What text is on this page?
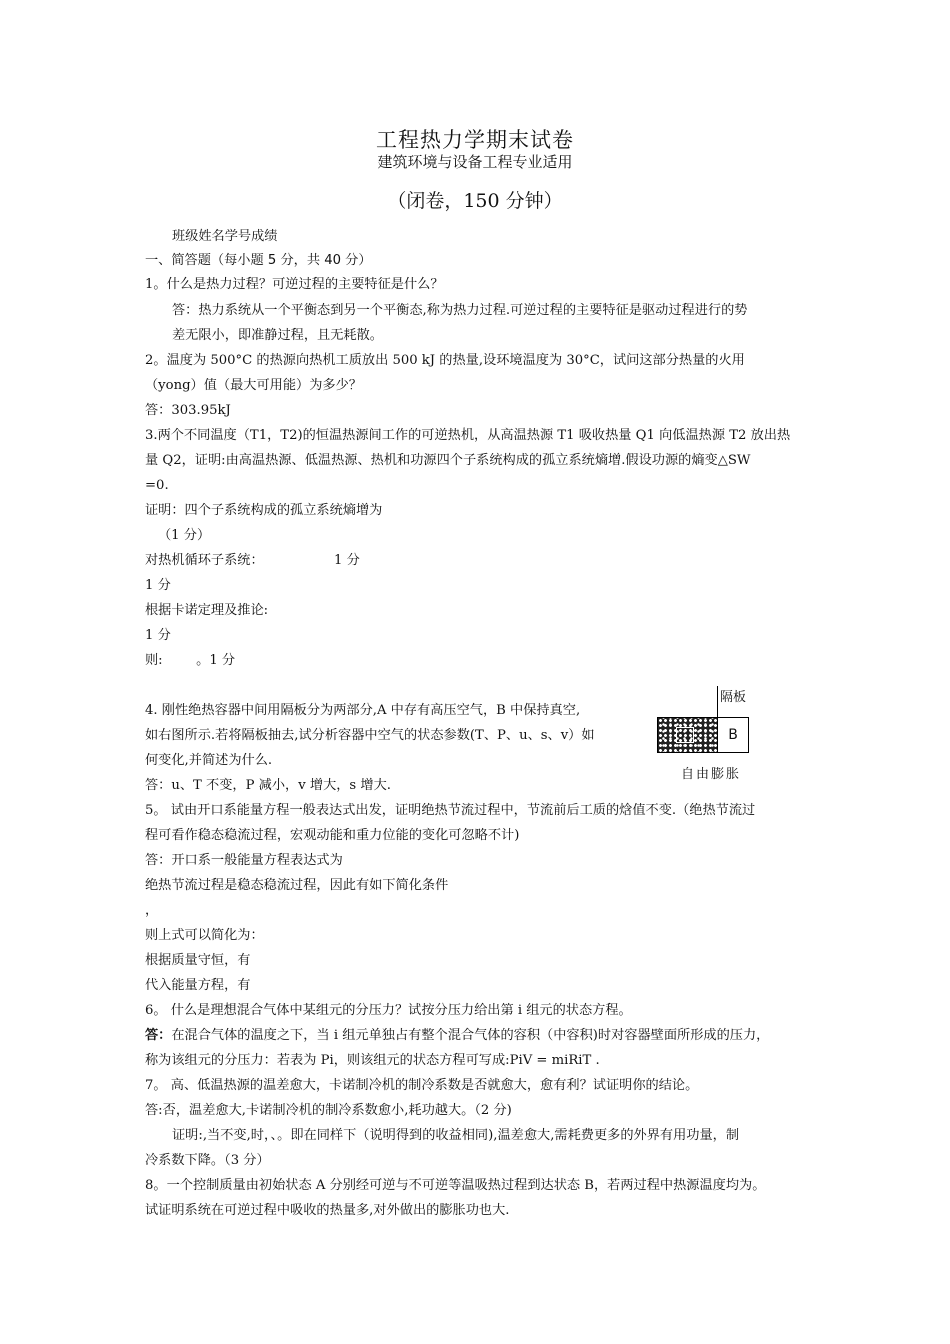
工程热力学期末试卷
建筑环境与设备工程专业适用
（闭卷，150 分钟）
班级姓名学号成绩
一、简答题（每小题 5 分，共 40 分）
1。什么是热力过程？可逆过程的主要特征是什么？
答：热力系统从一个平衡态到另一个平衡态,称为热力过程.可逆过程的主要特征是驱动过程进行的势
差无限小，即准静过程，且无耗散。
2。温度为 500°C 的热源向热机工质放出 500 kJ 的热量,设环境温度为 30°C，试问这部分热量的火用
（yong）值（最大可用能）为多少？
答：303.95kJ
3.两个不同温度（T1，T2)的恒温热源间工作的可逆热机，从高温热源 T1 吸收热量 Q1 向低温热源 T2 放出热
量 Q2，证明:由高温热源、低温热源、热机和功源四个子系统构成的孤立系统熵增.假设功源的熵变△SW
=0.
证明：四个子系统构成的孤立系统熵增为
（1 分）
对热机循环子系统：	1 分
1 分
根据卡诺定理及推论:
1 分
则:        。1 分
4. 刚性绝热容器中间用隔板分为两部分,A 中存有高压空气，B 中保持真空,
如右图所示.若将隔板抽去,试分析容器中空气的状态参数(T、P、u、s、v）如
何变化,并简述为什么.
答：u、T 不变，P 减小，v 增大，s 增大.
隔板
B
自由膨胀
5。 试由开口系能量方程一般表达式出发，证明绝热节流过程中，节流前后工质的焓值不变.（绝热节流过
程可看作稳态稳流过程，宏观动能和重力位能的变化可忽略不计)
答：开口系一般能量方程表达式为
绝热节流过程是稳态稳流过程，因此有如下简化条件
，
则上式可以简化为：
根据质量守恒，有
代入能量方程，有
6。 什么是理想混合气体中某组元的分压力？试按分压力给出第 i 组元的状态方程。
答：在混合气体的温度之下，当 i 组元单独占有整个混合气体的容积（中容积)时对容器壁面所形成的压力，
称为该组元的分压力：若表为 Pi，则该组元的状态方程可写成:PiV = miRiT .
7。 高、低温热源的温差愈大，卡诺制冷机的制冷系数是否就愈大，愈有利？试证明你的结论。
答:否，温差愈大,卡诺制冷机的制冷系数愈小,耗功越大。（2 分)
证明:,当不变,时，、。即在同样下（说明得到的收益相同),温差愈大,需耗费更多的外界有用功量，制
冷系数下降。（3 分）
8。一个控制质量由初始状态 A 分别经可逆与不可逆等温吸热过程到达状态 B，若两过程中热源温度均为。
试证明系统在可逆过程中吸收的热量多,对外做出的膨胀功也大.
